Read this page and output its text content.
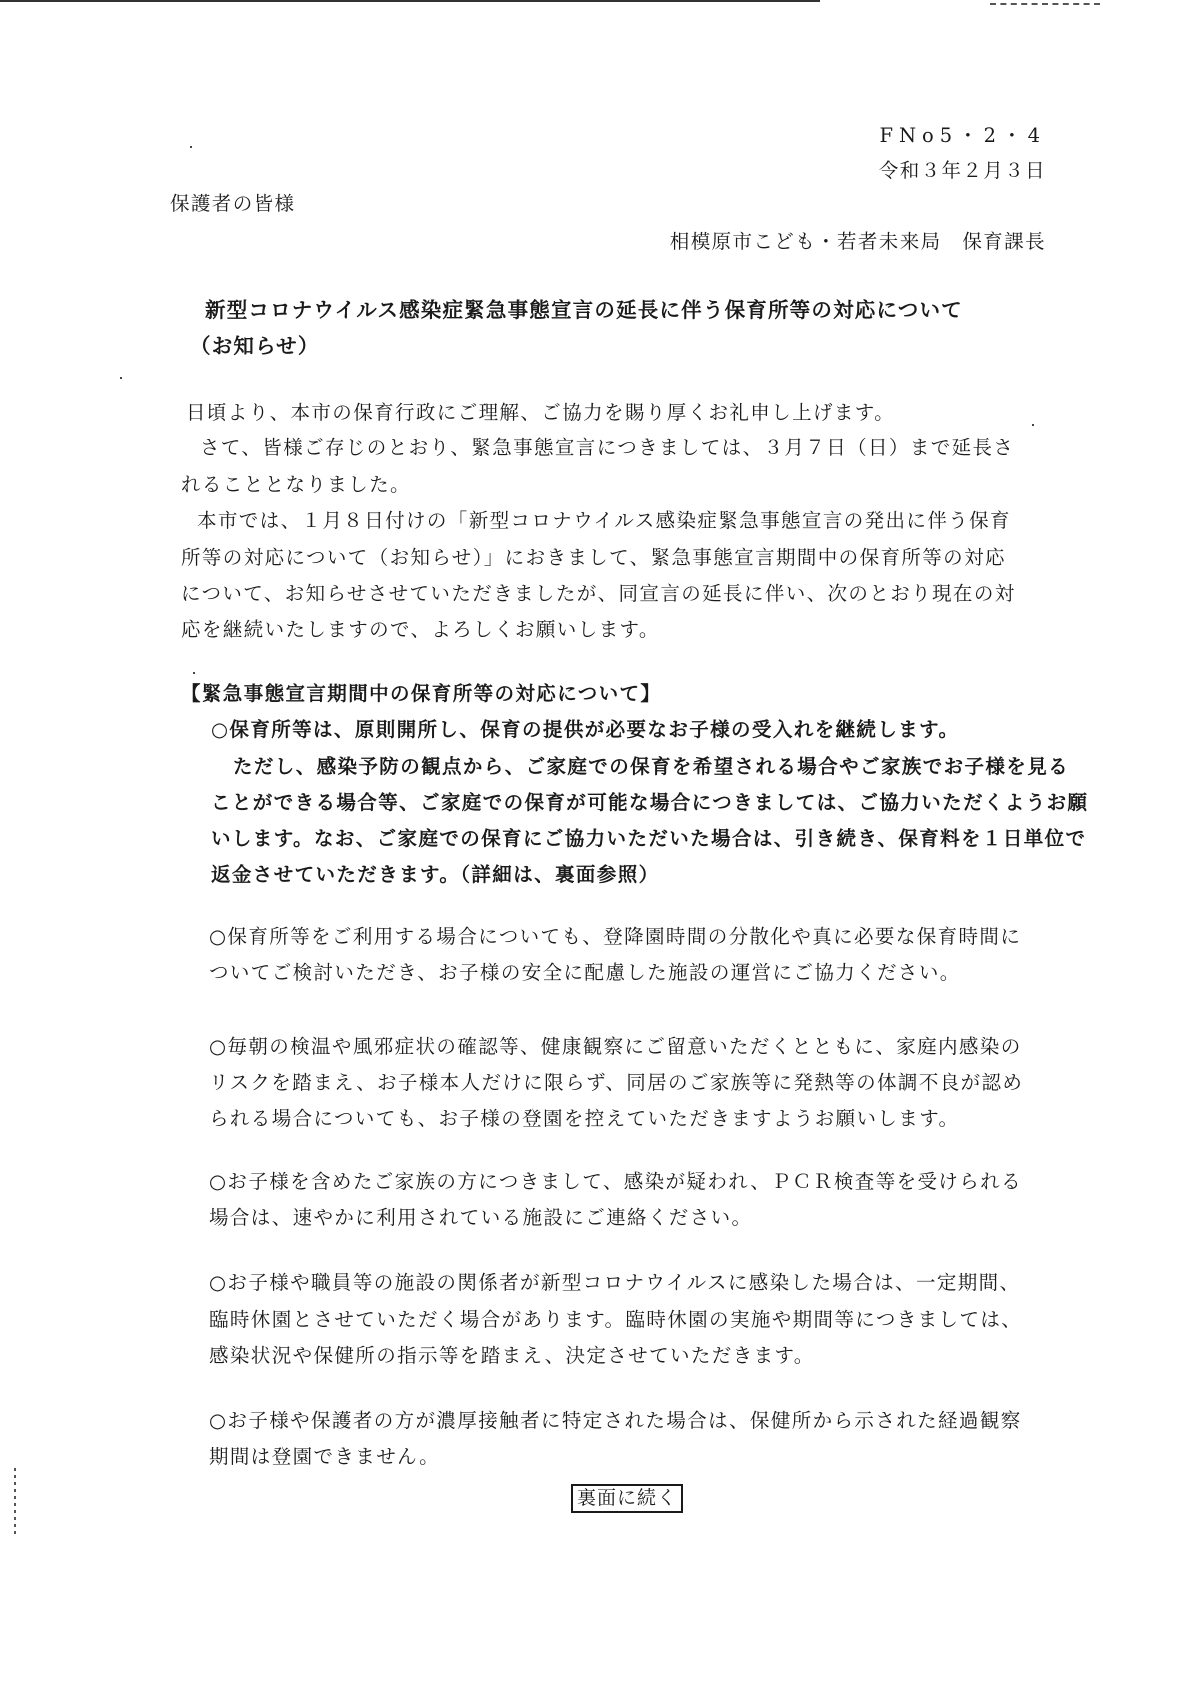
FNo5・2・4
令和３年２月３日
保護者の皆様
相模原市こども・若者未来局　保育課長
新型コロナウイルス感染症緊急事態宣言の延長に伴う保育所等の対応について
（お知らせ）
日頃より、本市の保育行政にご理解、ご協力を賜り厚くお礼申し上げます。
さて、皆様ご存じのとおり、緊急事態宣言につきましては、３月７日（日）まで延長さ
れることとなりました。
本市では、１月８日付けの「新型コロナウイルス感染症緊急事態宣言の発出に伴う保育
所等の対応について（お知らせ）」におきまして、緊急事態宣言期間中の保育所等の対応
について、お知らせさせていただきましたが、同宣言の延長に伴い、次のとおり現在の対
応を継続いたしますので、よろしくお願いします。
【緊急事態宣言期間中の保育所等の対応について】
○保育所等は、原則開所し、保育の提供が必要なお子様の受入れを継続します。
ただし、感染予防の観点から、ご家庭での保育を希望される場合やご家族でお子様を見る
ことができる場合等、ご家庭での保育が可能な場合につきましては、ご協力いただくようお願
いします。なお、ご家庭での保育にご協力いただいた場合は、引き続き、保育料を１日単位で
返金させていただきます。（詳細は、裏面参照）
○保育所等をご利用する場合についても、登降園時間の分散化や真に必要な保育時間に
ついてご検討いただき、お子様の安全に配慮した施設の運営にご協力ください。
○毎朝の検温や風邪症状の確認等、健康観察にご留意いただくとともに、家庭内感染の
リスクを踏まえ、お子様本人だけに限らず、同居のご家族等に発熱等の体調不良が認め
られる場合についても、お子様の登園を控えていただきますようお願いします。
○お子様を含めたご家族の方につきまして、感染が疑われ、ＰＣＲ検査等を受けられる
場合は、速やかに利用されている施設にご連絡ください。
○お子様や職員等の施設の関係者が新型コロナウイルスに感染した場合は、一定期間、
臨時休園とさせていただく場合があります。臨時休園の実施や期間等につきましては、
感染状況や保健所の指示等を踏まえ、決定させていただきます。
○お子様や保護者の方が濃厚接触者に特定された場合は、保健所から示された経過観察
期間は登園できません。
裏面に続く
